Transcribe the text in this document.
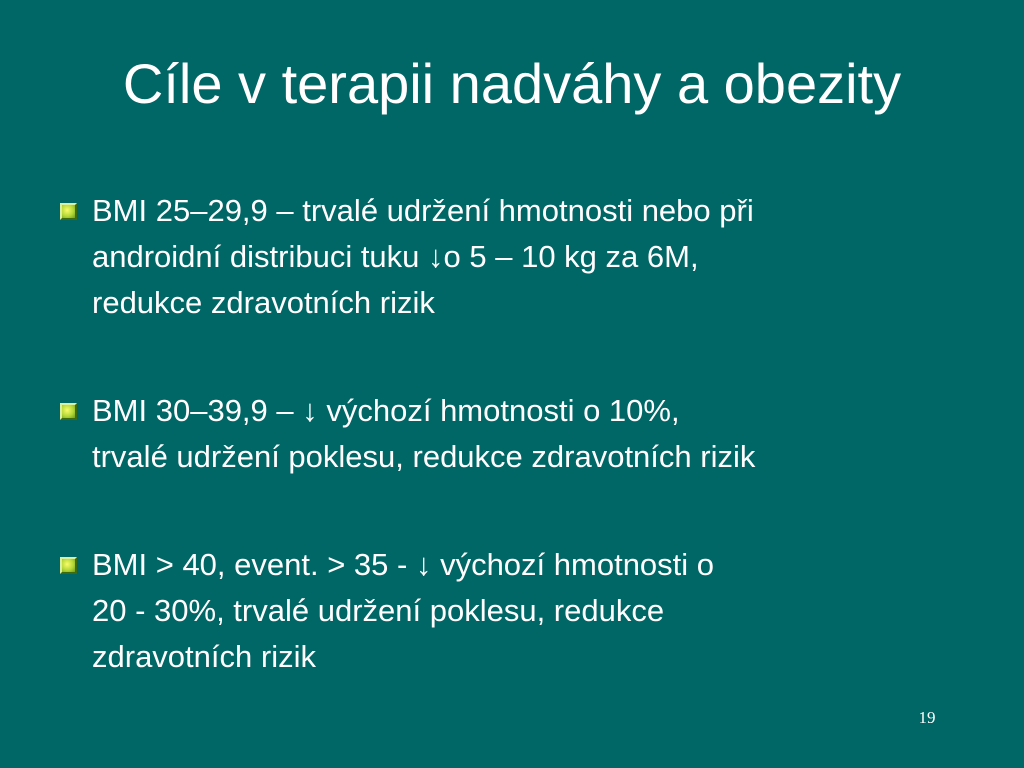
Cíle v terapii nadváhy a obezity
BMI 25–29,9 – trvalé udržení hmotnosti nebo při
androidní distribuci tuku ↓o 5 – 10 kg za 6M,
redukce zdravotních rizik
BMI 30–39,9 – ↓ výchozí hmotnosti o 10%,
trvalé udržení poklesu, redukce zdravotních rizik
BMI > 40, event. > 35 - ↓ výchozí hmotnosti o
20 - 30%, trvalé udržení poklesu, redukce
zdravotních rizik
19
